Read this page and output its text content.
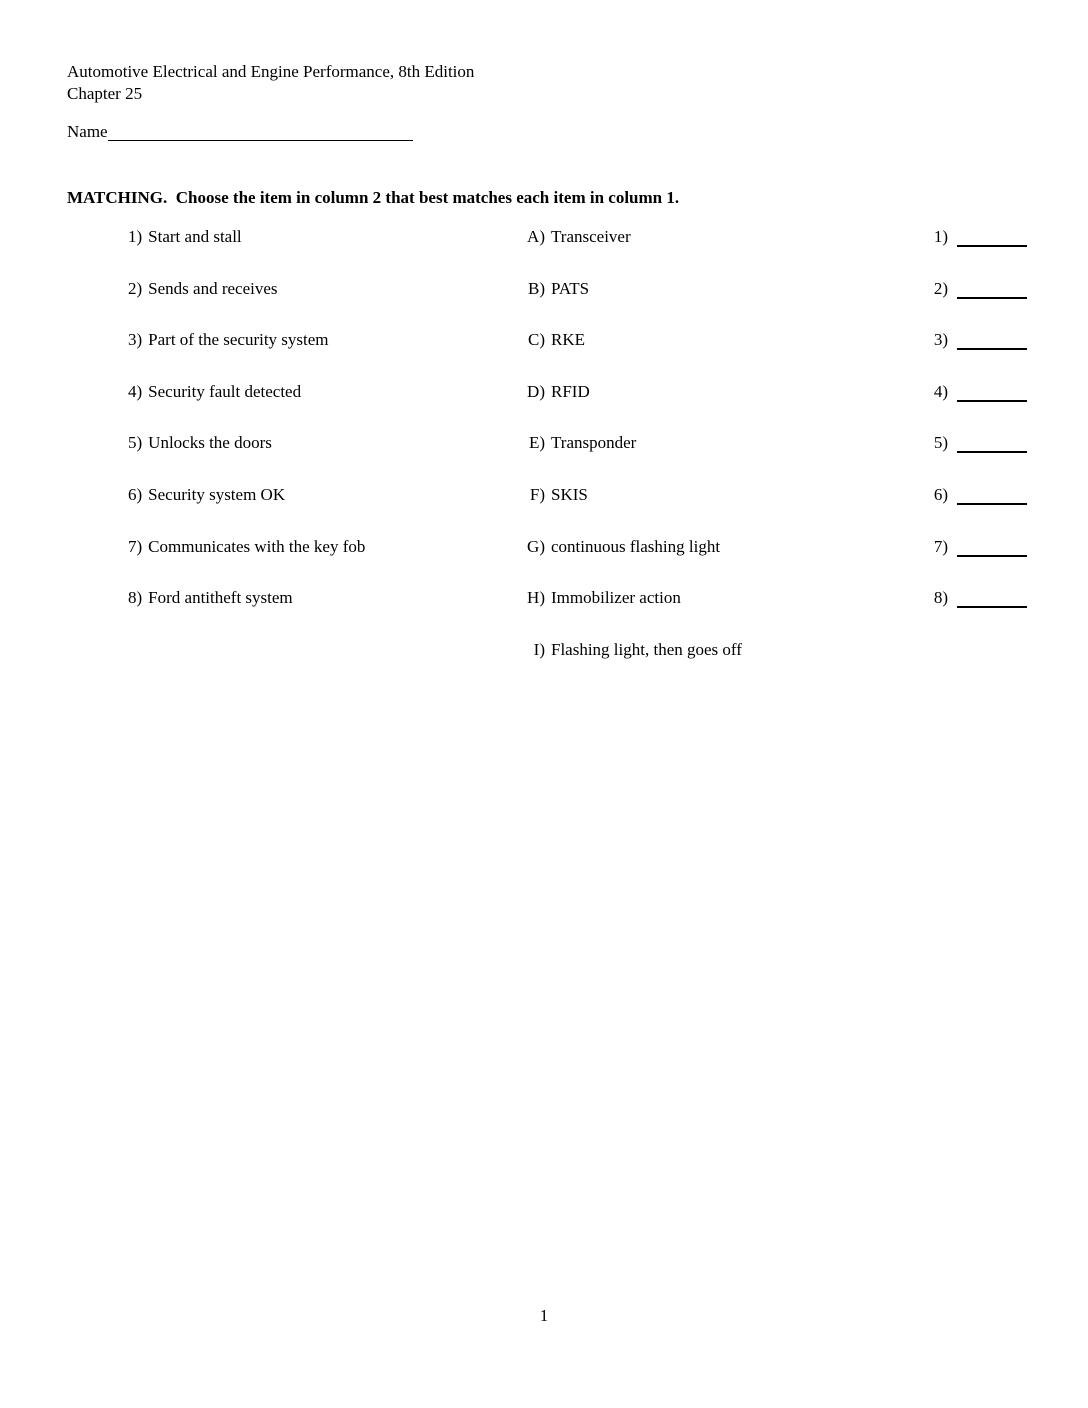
Automotive Electrical and Engine Performance, 8th Edition
Chapter 25
Name
MATCHING.  Choose the item in column 2 that best matches each item in column 1.
1) Start and stall	A) Transceiver	1)
2) Sends and receives	B) PATS	2)
3) Part of the security system	C) RKE	3)
4) Security fault detected	D) RFID	4)
5) Unlocks the doors	E) Transponder	5)
6) Security system OK	F) SKIS	6)
7) Communicates with the key fob	G) continuous flashing light	7)
8) Ford antitheft system	H) Immobilizer action	8)
I) Flashing light, then goes off
1
